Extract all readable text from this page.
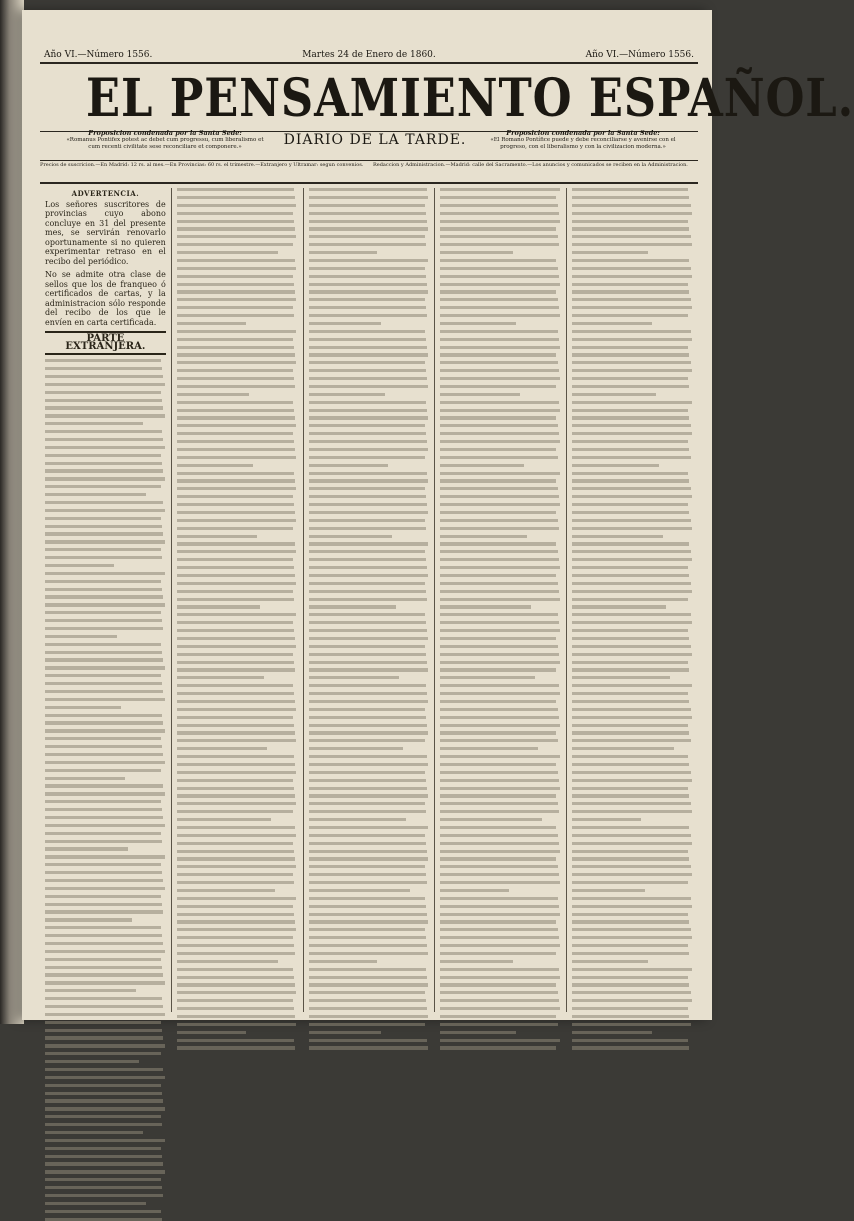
Año VI.—Número 1556.	Martes 24 de Enero de 1860.	Año VI.—Número 1556.
EL PENSAMIENTO ESPAÑOL.
Proposicion condenada por la Santa Sede:
«Romanus Pontifex potest ac debet cum progressu, cum liberalismo et cum recenti civilitate sese reconciliare et componere.»	DIARIO DE LA TARDE.	Proposicion condenada por la Santa Sede:
«El Romano Pontífice puede y debe reconciliarse y avenirse con el progreso, con el liberalismo y con la civilizacion moderna.»
Precios de suscricion.—En Madrid: 12 rs. al mes.—En Provincias: 60 rs. el trimestre.—Extranjero y Ultramar: segun convenios.	Redaccion y Administracion.—Madrid: calle del Sacramento.—Los anuncios y comunicados se reciben en la Administracion.
ADVERTENCIA.
Los señores suscritores de provincias cuyo abono concluye en 31 del presente mes, se servirán renovarlo oportunamente si no quieren experimentar retraso en el recibo del periódico.
No se admite otra clase de sellos que los de franqueo ó certificados de cartas, y la administracion sólo responde del recibo de los que le envíen en carta certificada.
PARTE EXTRANJERA.
